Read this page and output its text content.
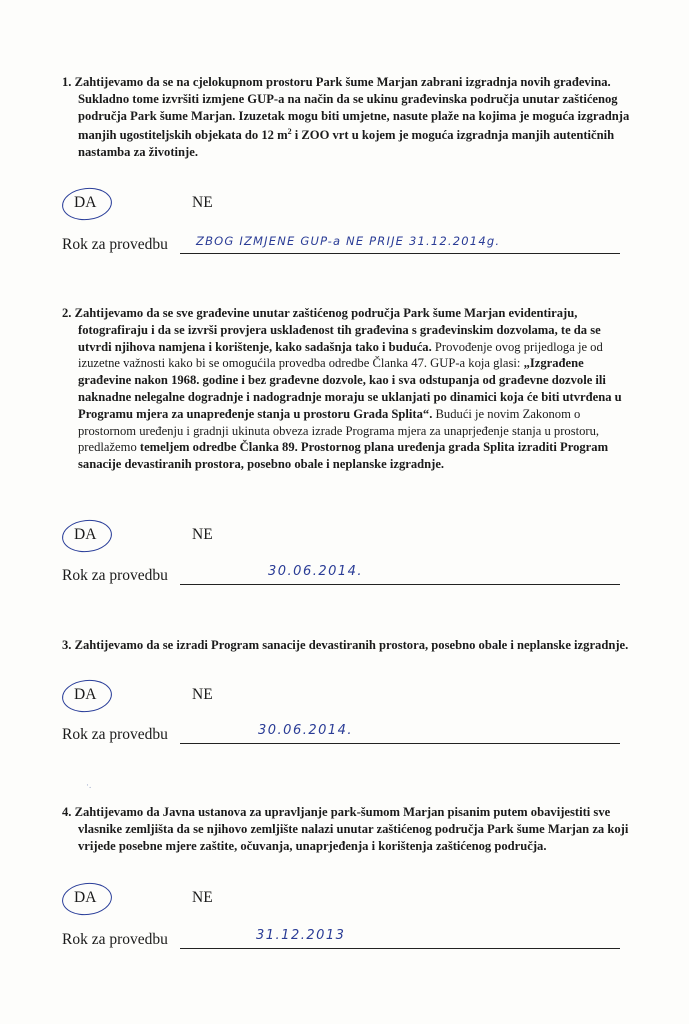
1. Zahtijevamo da se na cjelokupnom prostoru Park šume Marjan zabrani izgradnja novih građevina. Sukladno tome izvršiti izmjene GUP-a na način da se ukinu građevinska područja unutar zaštićenog područja Park šume Marjan. Izuzetak mogu biti umjetne, nasute plaže na kojima je moguća izgradnja manjih ugostiteljskih objekata do 12 $m^2$ i ZOO vrt u kojem je moguća izgradnja manjih autentičnih nastamba za životinje.

DA	NE
Rok za provedbu ZBOG IZMJENE GUP-a NE PRIJE 31.12.2014g.

2. Zahtijevamo da se sve građevine unutar zaštićenog područja Park šume Marjan evidentiraju, fotografiraju i da se izvrši provjera usklađenost tih građevina s građevinskim dozvolama, te da se utvrdi njihova namjena i korištenje, kako sadašnja tako i buduća. Provođenje ovog prijedloga je od izuzetne važnosti kako bi se omogućila provedba odredbe Članka 47. GUP-a koja glasi: „Izgrađene građevine nakon 1968. godine i bez građevne dozvole, kao i sva odstupanja od građevne dozvole ili naknadne nelegalne dogradnje i nadogradnje moraju se uklanjati po dinamici koja će biti utvrđena u Programu mjera za unapređenje stanja u prostoru Grada Splita“. Budući je novim Zakonom o prostornom uređenju i gradnji ukinuta obveza izrade Programa mjera za unaprjeđenje stanja u prostoru, predlažemo temeljem odredbe Članka 89. Prostornog plana uređenja grada Splita izraditi Program sanacije devastiranih prostora, posebno obale i neplanske izgradnje.

DA	NE
Rok za provedbu	30.06.2014.

3. Zahtijevamo da se izradi Program sanacije devastiranih prostora, posebno obale i neplanske izgradnje.

DA	NE
Rok za provedbu	30.06.2014.
·.

4. Zahtijevamo da Javna ustanova za upravljanje park-šumom Marjan pisanim putem obavijestiti sve vlasnike zemljišta da se njihovo zemljište nalazi unutar zaštićenog područja Park šume Marjan za koji vrijede posebne mjere zaštite, očuvanja, unaprjeđenja i korištenja zaštićenog područja.

DA	NE
Rok za provedbu	31.12.2013
